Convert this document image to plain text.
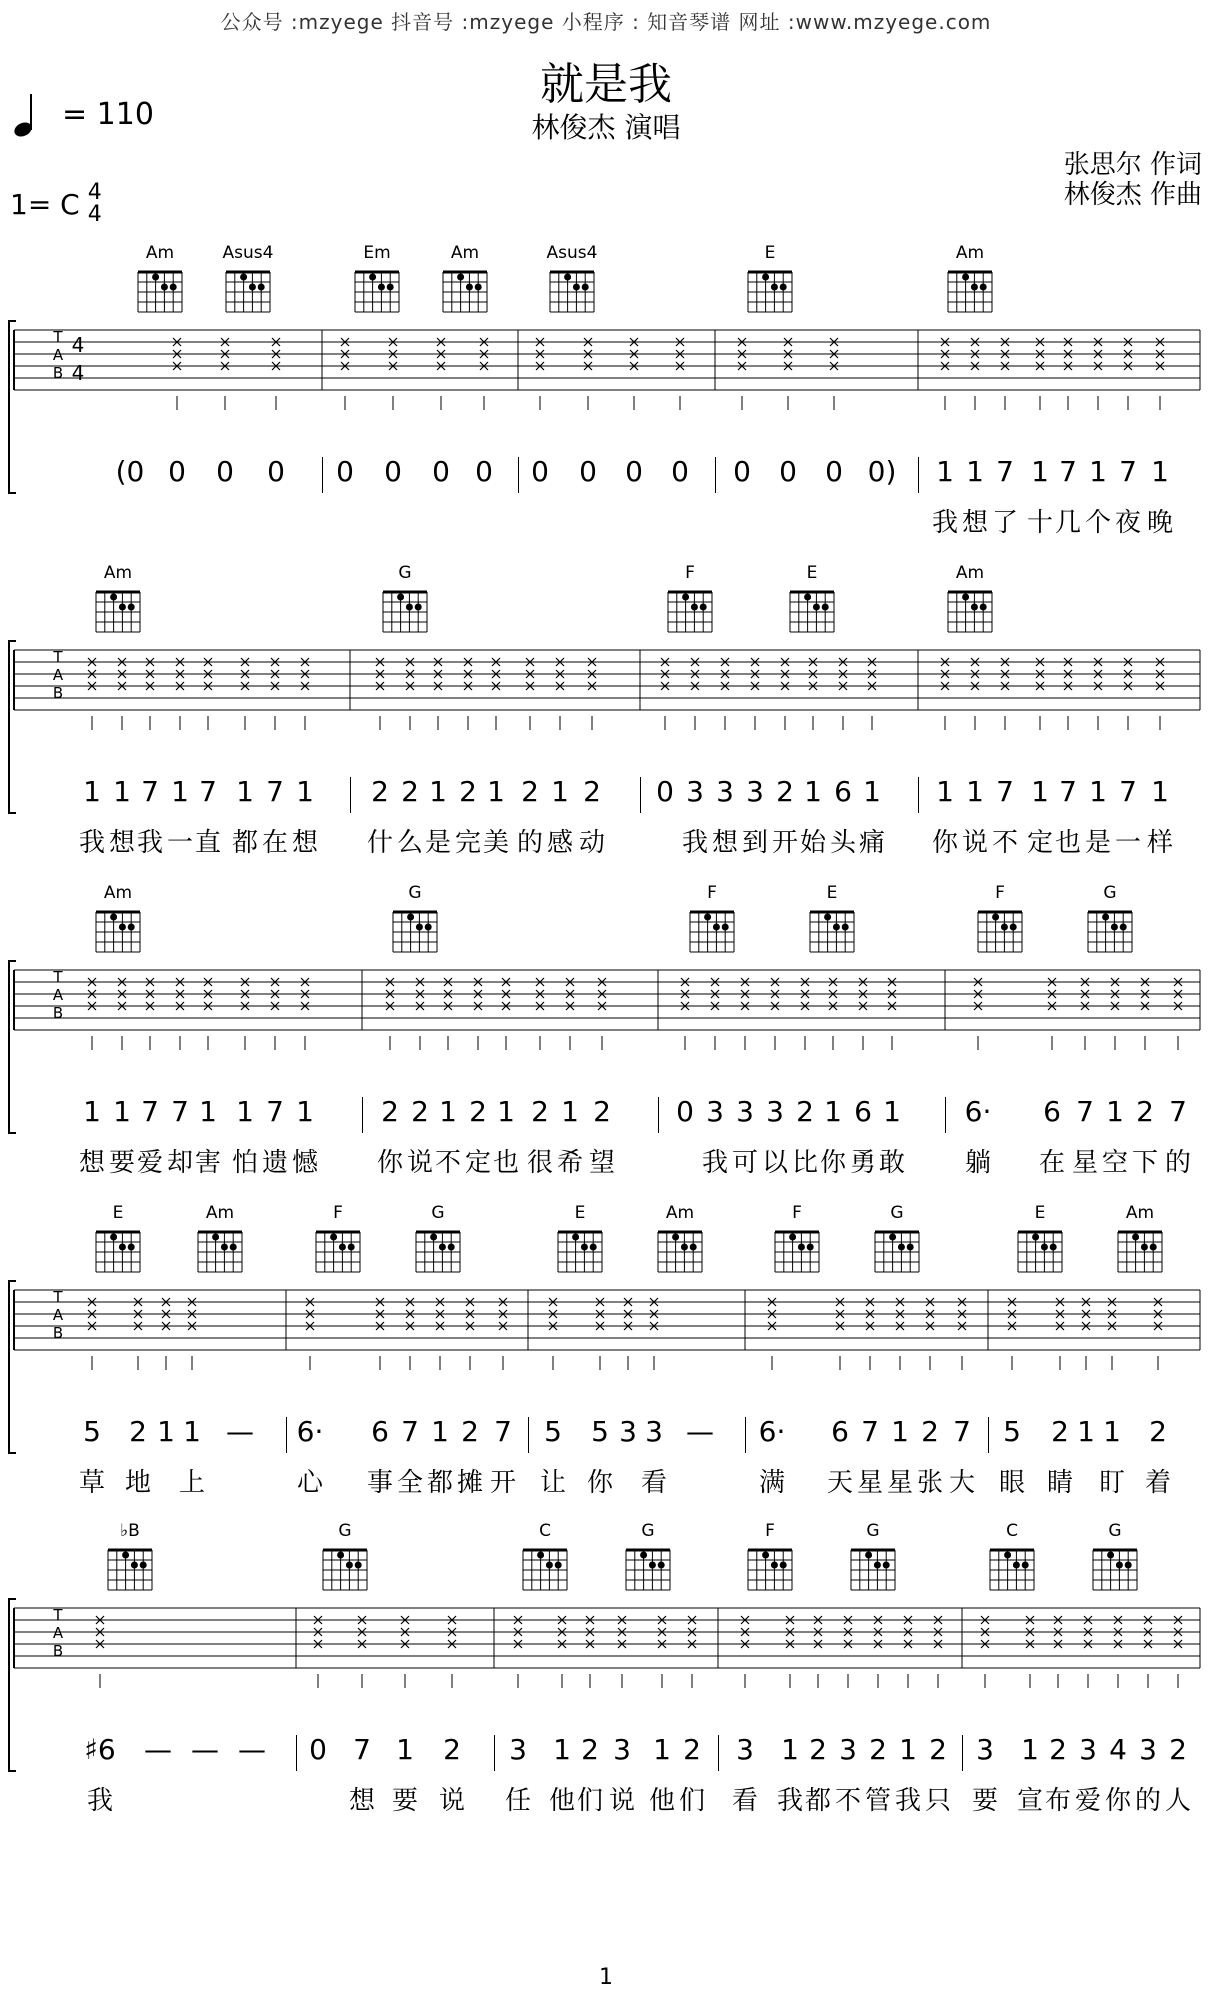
公众号 :mzyege 抖音号 :mzyege 小程序 : 知音琴谱 网址 :www.mzyege.com
就是我
林俊杰 演唱
= 110
1= C 4
4
张思尔 作词
林俊杰 作曲
Am	Asus4	Em	Am	Asus4	E	Am
T
A
B
4
4
(0 0 0 0 0 0 0 0 0 0 0 0 0 0 0 0) 1 1 7 1 7 1 7 1
我 想 了 十 几 个 夜 晚
Am	G	F	E	Am
T
A
B
1 1 7 1 7 1 7 1 2 2 1 2 1 2 1 2 0 3 3 3 2 1 6 1 1 1 7 1 7 1 7 1
我 想 我 一 直 都 在 想 什 么 是 完 美 的 感 动	我 想 到 开 始 头 痛 你 说 不 定 也 是 一 样
Am	G	F	E	F	G
T
A
B
1 1 7 7 1 1 7 1 2 2 1 2 1 2 1 2 0 3 3 3 2 1 6 1 6· 6 7 1 2 7
想 要 爱 却 害 怕 遗 憾 你 说 不 定 也 很 希 望	我 可 以 比 你 勇 敢 躺 在 星 空 下 的
E	Am	F	G	E	Am	F	G	E	Am
T
A
B
5 2 1 1 — 6· 6 7 1 2 7 5 5 3 3 — 6· 6 7 1 2 7 5 2 1 1 2
草 地 上	心 事 全 都 摊 开 让 你 看	满 天 星 星 张 大 眼 睛 盯 着
♭B	G	C	G	F	G	C	G
T
A
B
♯6 — — — 0 7 1 2 3 1 2 3 1 2 3 1 2 3 2 1 2 3 1 2 3 4 3 2
我	想 要 说 任 他 们 说 他 们 看 我 都 不 管 我 只 要 宣 布 爱 你 的 人
1
